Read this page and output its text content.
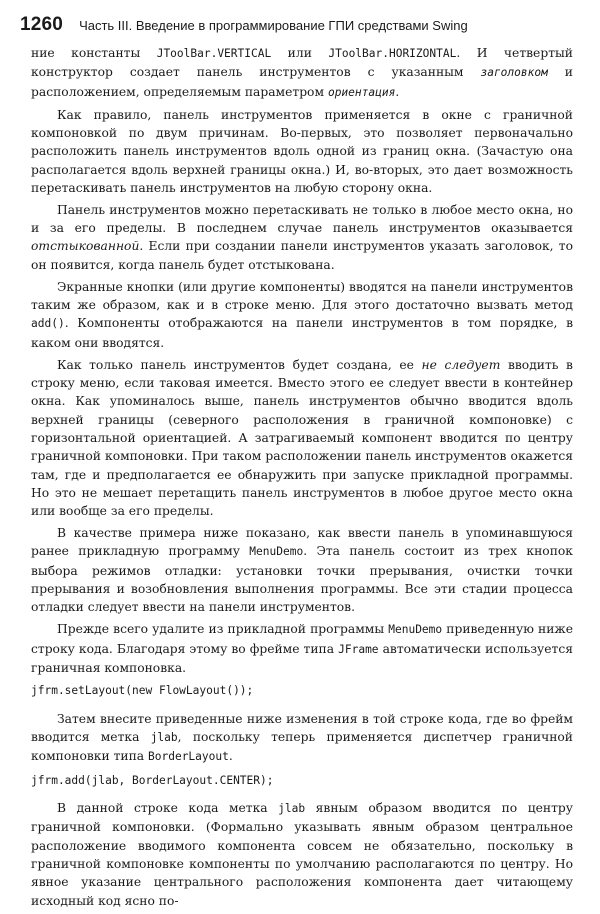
1260 Часть III. Введение в программирование ГПИ средствами Swing

ние константы JToolBar.VERTICAL или JToolBar.HORIZONTAL. И четвертый конструктор создает панель инструментов с указанным заголовком и расположением, определяемым параметром ориентация.

Как правило, панель инструментов применяется в окне с граничной компоновкой по двум причинам. Во-первых, это позволяет первоначально расположить панель инструментов вдоль одной из границ окна. (Зачастую она располагается вдоль верхней границы окна.) И, во-вторых, это дает возможность перетаскивать панель инструментов на любую сторону окна.

Панель инструментов можно перетаскивать не только в любое место окна, но и за его пределы. В последнем случае панель инструментов оказывается отстыкованной. Если при создании панели инструментов указать заголовок, то он появится, когда панель будет отстыкована.

Экранные кнопки (или другие компоненты) вводятся на панели инструментов таким же образом, как и в строке меню. Для этого достаточно вызвать метод add(). Компоненты отображаются на панели инструментов в том порядке, в каком они вводятся.

Как только панель инструментов будет создана, ее не следует вводить в строку меню, если таковая имеется. Вместо этого ее следует ввести в контейнер окна. Как упоминалось выше, панель инструментов обычно вводится вдоль верхней границы (северного расположения в граничной компоновке) с горизонтальной ориентацией. А затрагиваемый компонент вводится по центру граничной компоновки. При таком расположении панель инструментов окажется там, где и предполагается ее обнаружить при запуске прикладной программы. Но это не мешает перетащить панель инструментов в любое другое место окна или вообще за его пределы.

В качестве примера ниже показано, как ввести панель в упоминавшуюся ранее прикладную программу MenuDemo. Эта панель состоит из трех кнопок выбора режимов отладки: установки точки прерывания, очистки точки прерывания и возобновления выполнения программы. Все эти стадии процесса отладки следует ввести на панели инструментов.

Прежде всего удалите из прикладной программы MenuDemo приведенную ниже строку кода. Благодаря этому во фрейме типа JFrame автоматически используется граничная компоновка.

jfrm.setLayout(new FlowLayout());

Затем внесите приведенные ниже изменения в той строке кода, где во фрейм вводится метка jlab, поскольку теперь применяется диспетчер граничной компоновки типа BorderLayout.

jfrm.add(jlab, BorderLayout.CENTER);

В данной строке кода метка jlab явным образом вводится по центру граничной компоновки. (Формально указывать явным образом центральное расположение вводимого компонента совсем не обязательно, поскольку в граничной компоновке компоненты по умолчанию располагаются по центру. Но явное указание центрального расположения компонента дает читающему исходный код ясно по-
